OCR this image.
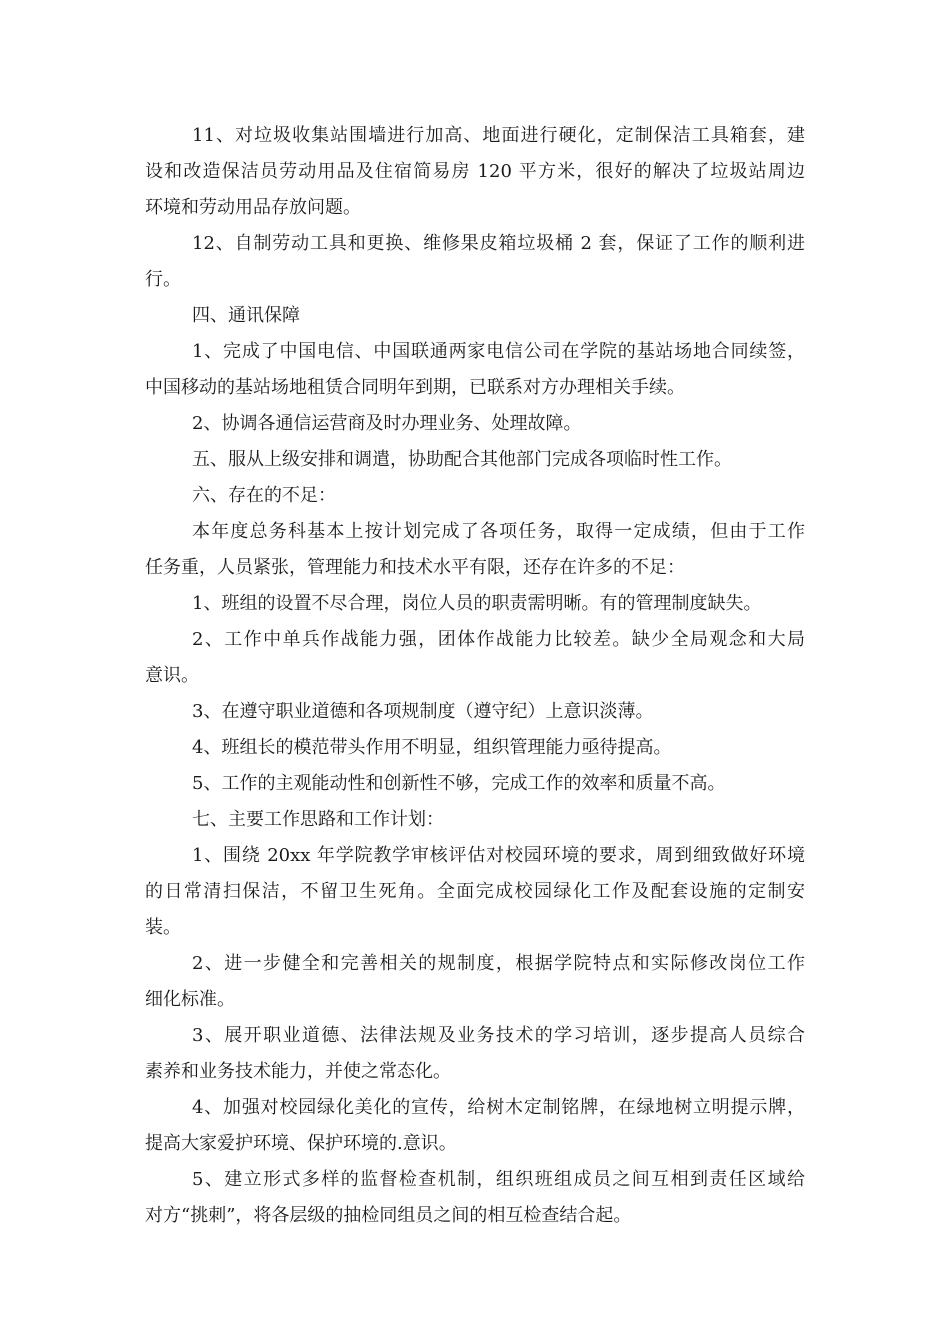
11、对垃圾收集站围墙进行加高、地面进行硬化，定制保洁工具箱套，建
设和改造保洁员劳动用品及住宿简易房 120 平方米，很好的解决了垃圾站周边
环境和劳动用品存放问题。
12、自制劳动工具和更换、维修果皮箱垃圾桶 2 套，保证了工作的顺利进
行。
四、通讯保障
1、完成了中国电信、中国联通两家电信公司在学院的基站场地合同续签，
中国移动的基站场地租赁合同明年到期，已联系对方办理相关手续。
2、协调各通信运营商及时办理业务、处理故障。
五、服从上级安排和调遣，协助配合其他部门完成各项临时性工作。
六、存在的不足：
本年度总务科基本上按计划完成了各项任务，取得一定成绩，但由于工作
任务重，人员紧张，管理能力和技术水平有限，还存在许多的不足：
1、班组的设置不尽合理，岗位人员的职责需明晰。有的管理制度缺失。
2、工作中单兵作战能力强，团体作战能力比较差。缺少全局观念和大局
意识。
3、在遵守职业道德和各项规制度（遵守纪）上意识淡薄。
4、班组长的模范带头作用不明显，组织管理能力亟待提高。
5、工作的主观能动性和创新性不够，完成工作的效率和质量不高。
七、主要工作思路和工作计划：
1、围绕 20xx 年学院教学审核评估对校园环境的要求，周到细致做好环境
的日常清扫保洁，不留卫生死角。全面完成校园绿化工作及配套设施的定制安
装。
2、进一步健全和完善相关的规制度，根据学院特点和实际修改岗位工作
细化标准。
3、展开职业道德、法律法规及业务技术的学习培训，逐步提高人员综合
素养和业务技术能力，并使之常态化。
4、加强对校园绿化美化的宣传，给树木定制铭牌，在绿地树立明提示牌，
提高大家爱护环境、保护环境的.意识。
5、建立形式多样的监督检查机制，组织班组成员之间互相到责任区域给
对方“挑刺”，将各层级的抽检同组员之间的相互检查结合起。
